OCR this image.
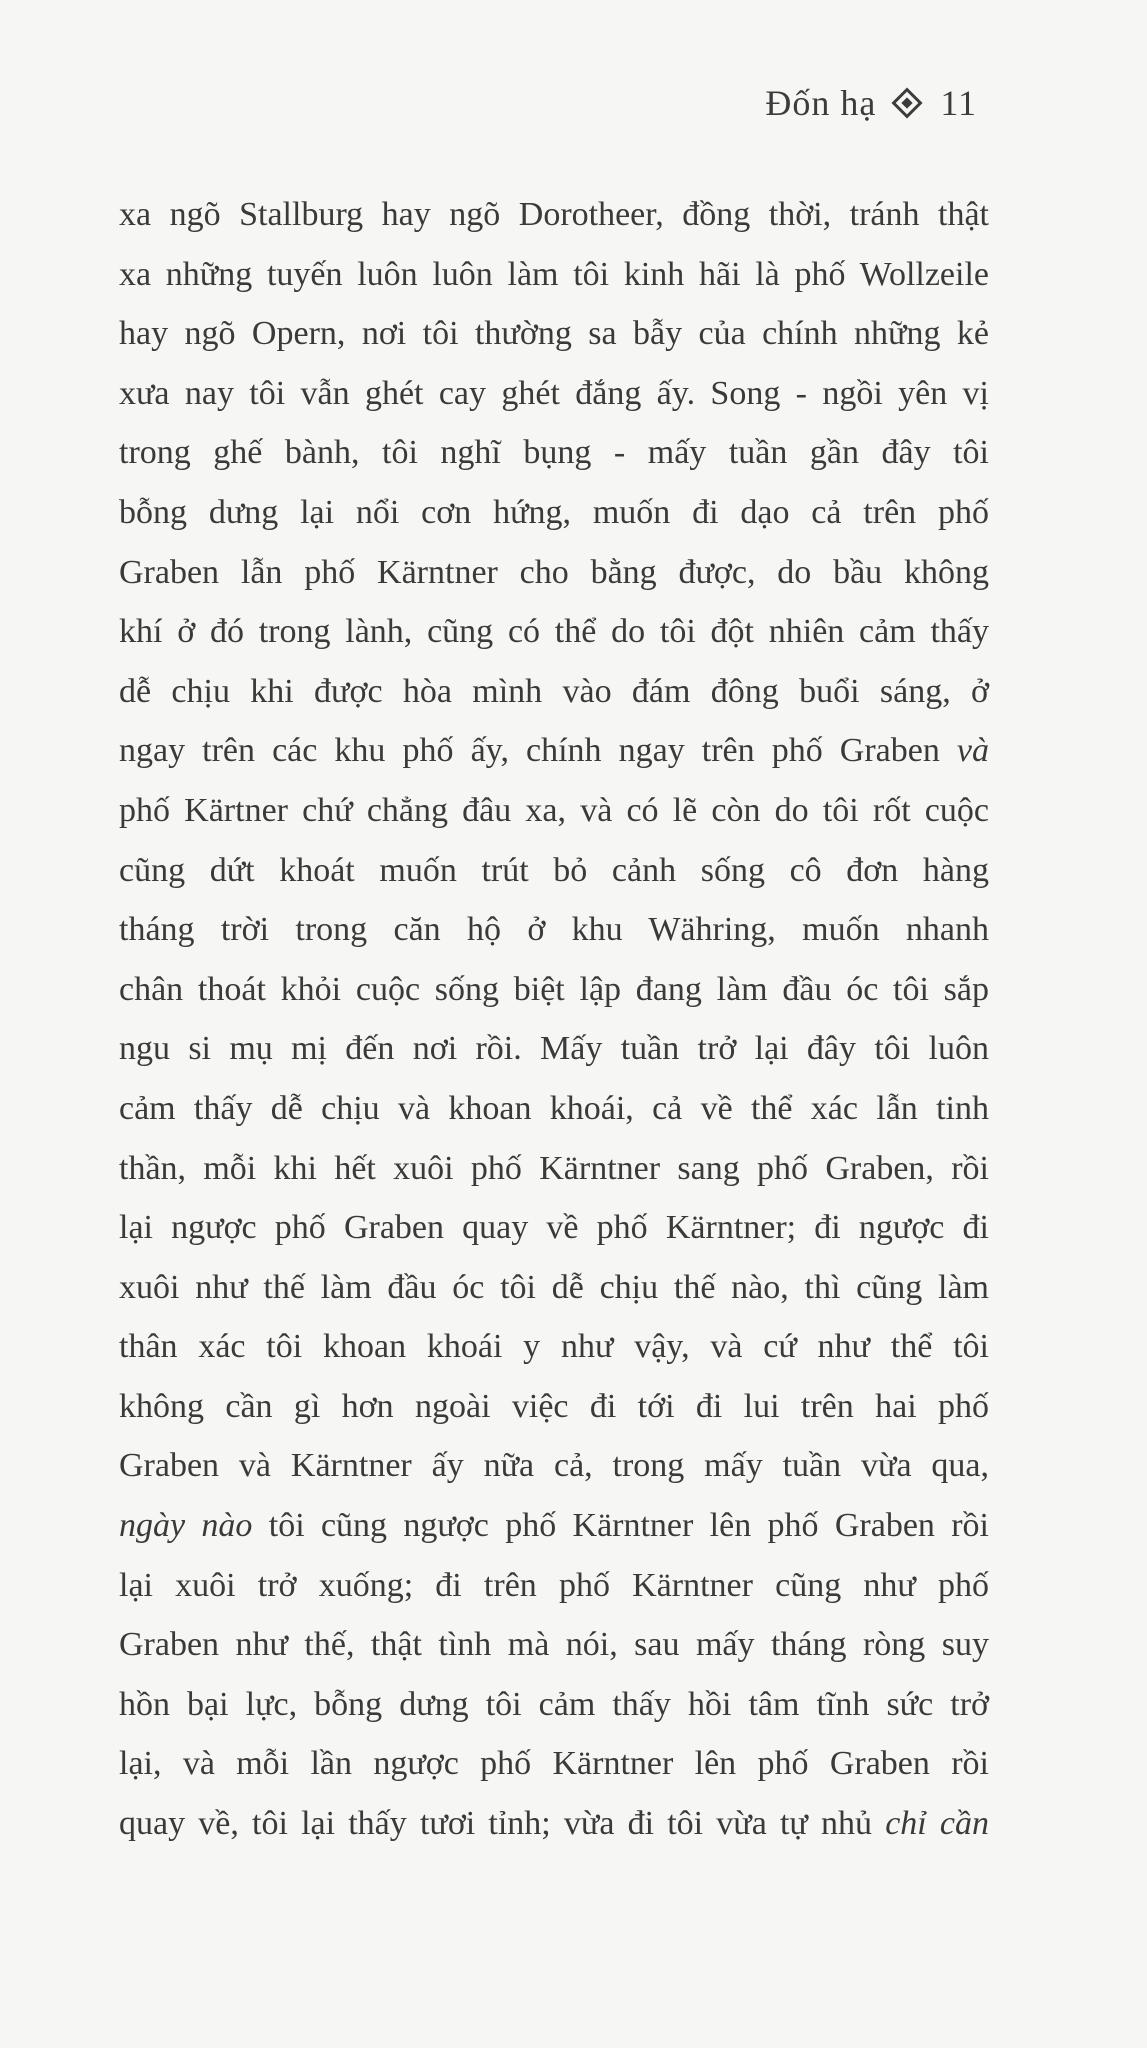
Đốn hạ 11
xa ngõ Stallburg hay ngõ Dorotheer, đồng thời, tránh thật
xa những tuyến luôn luôn làm tôi kinh hãi là phố Wollzeile
hay ngõ Opern, nơi tôi thường sa bẫy của chính những kẻ
xưa nay tôi vẫn ghét cay ghét đắng ấy. Song - ngồi yên vị
trong ghế bành, tôi nghĩ bụng - mấy tuần gần đây tôi
bỗng dưng lại nổi cơn hứng, muốn đi dạo cả trên phố
Graben lẫn phố Kärntner cho bằng được, do bầu không
khí ở đó trong lành, cũng có thể do tôi đột nhiên cảm thấy
dễ chịu khi được hòa mình vào đám đông buổi sáng, ở
ngay trên các khu phố ấy, chính ngay trên phố Graben và
phố Kärtner chứ chẳng đâu xa, và có lẽ còn do tôi rốt cuộc
cũng dứt khoát muốn trút bỏ cảnh sống cô đơn hàng
tháng trời trong căn hộ ở khu Währing, muốn nhanh
chân thoát khỏi cuộc sống biệt lập đang làm đầu óc tôi sắp
ngu si mụ mị đến nơi rồi. Mấy tuần trở lại đây tôi luôn
cảm thấy dễ chịu và khoan khoái, cả về thể xác lẫn tinh
thần, mỗi khi hết xuôi phố Kärntner sang phố Graben, rồi
lại ngược phố Graben quay về phố Kärntner; đi ngược đi
xuôi như thế làm đầu óc tôi dễ chịu thế nào, thì cũng làm
thân xác tôi khoan khoái y như vậy, và cứ như thể tôi
không cần gì hơn ngoài việc đi tới đi lui trên hai phố
Graben và Kärntner ấy nữa cả, trong mấy tuần vừa qua,
ngày nào tôi cũng ngược phố Kärntner lên phố Graben rồi
lại xuôi trở xuống; đi trên phố Kärntner cũng như phố
Graben như thế, thật tình mà nói, sau mấy tháng ròng suy
hồn bại lực, bỗng dưng tôi cảm thấy hồi tâm tĩnh sức trở
lại, và mỗi lần ngược phố Kärntner lên phố Graben rồi
quay về, tôi lại thấy tươi tỉnh; vừa đi tôi vừa tự nhủ chỉ cần
